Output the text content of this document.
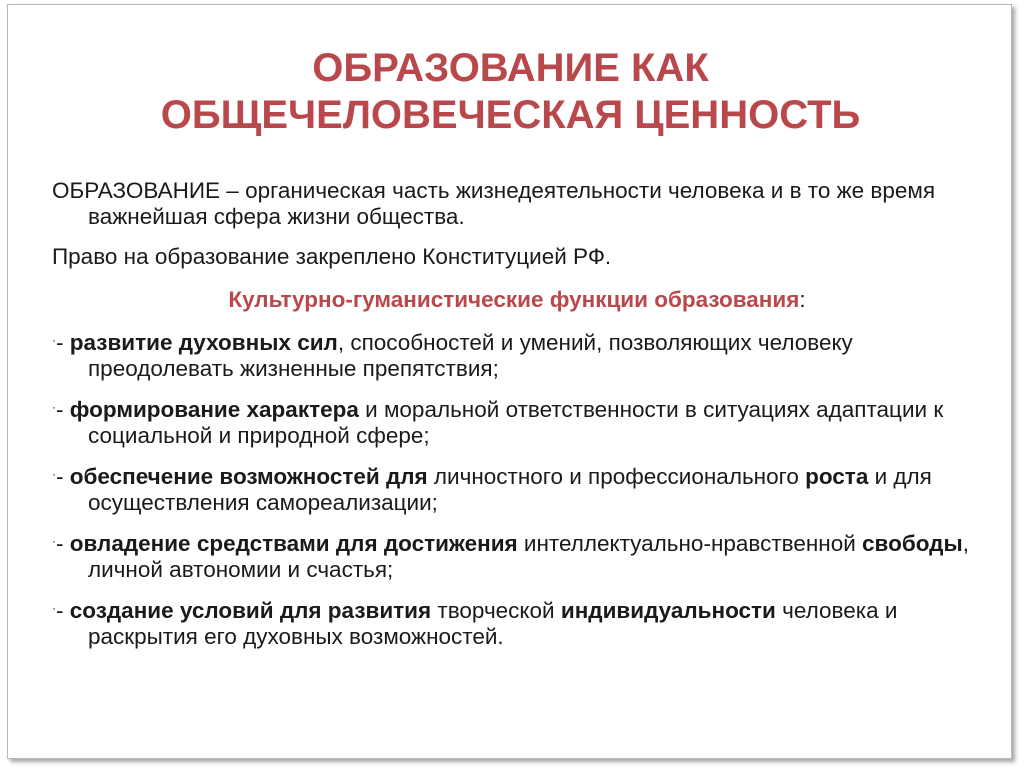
ОБРАЗОВАНИЕ КАК
ОБЩЕЧЕЛОВЕЧЕСКАЯ ЦЕННОСТЬ

ОБРАЗОВАНИЕ – органическая часть жизнедеятельности человека и в то же время важнейшая сфера жизни общества.

Право на образование закреплено Конституцией РФ.

Культурно-гуманистические функции образования:

·- развитие духовных сил, способностей и умений, позволяющих человеку преодолевать жизненные препятствия;

·- формирование характера и моральной ответственности в ситуациях адаптации к социальной и природной сфере;

·- обеспечение возможностей для личностного и профессионального роста и для осуществления самореализации;

·- овладение средствами для достижения интеллектуально-нравственной свободы, личной автономии и счастья;

·- создание условий для развития творческой индивидуальности человека и раскрытия его духовных возможностей.
